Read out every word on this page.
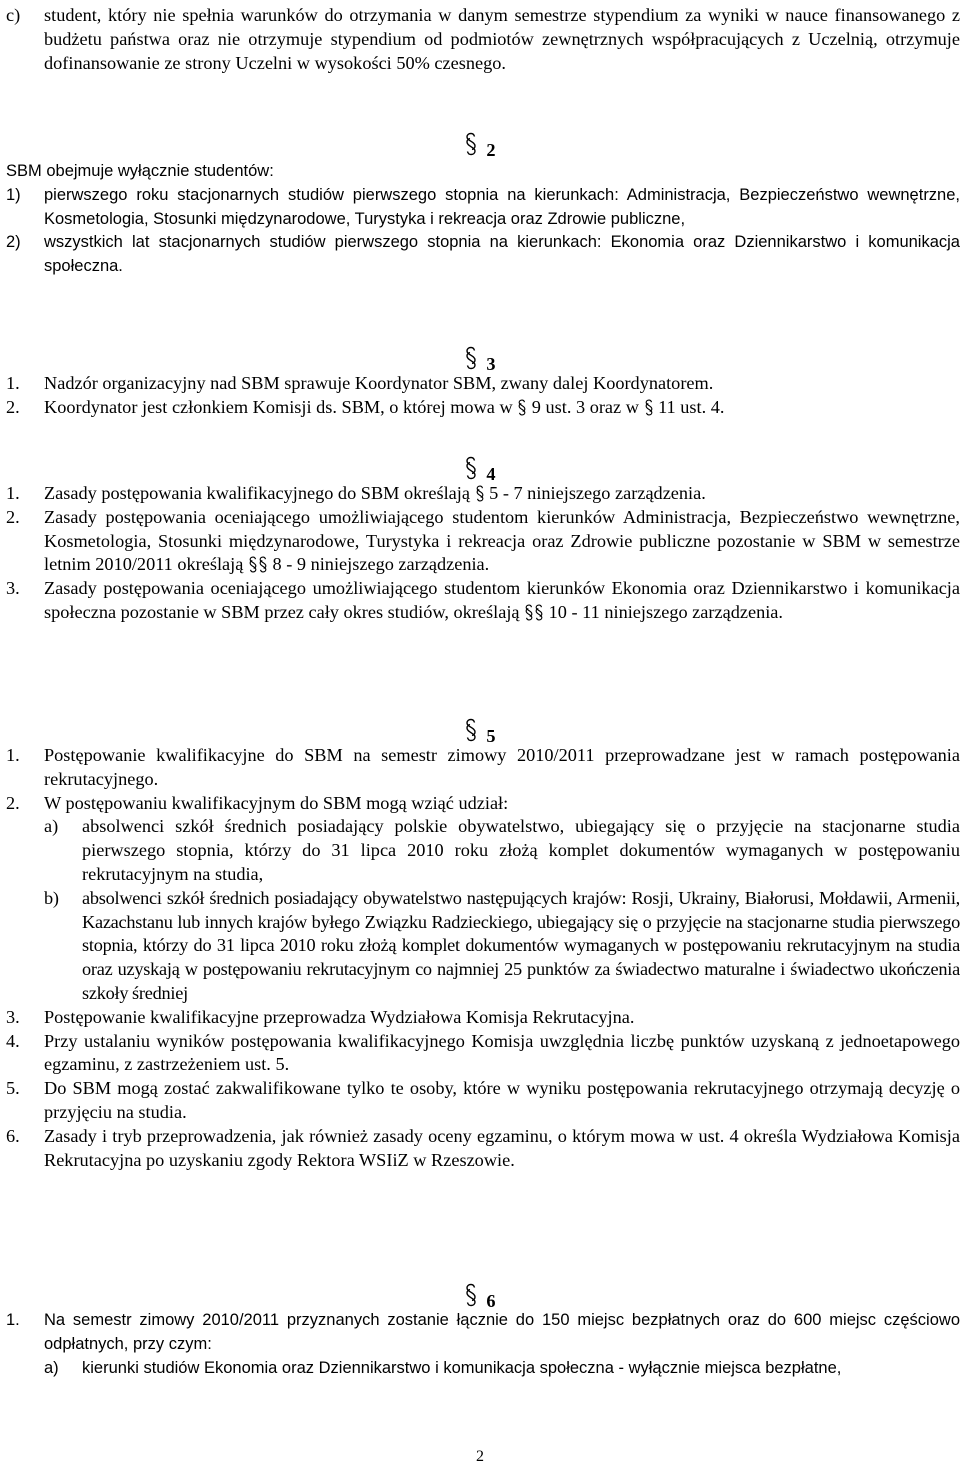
c) student, który nie spełnia warunków do otrzymania w danym semestrze stypendium za wyniki w nauce finansowanego z budżetu państwa oraz nie otrzymuje stypendium od podmiotów zewnętrznych współpracujących z Uczelnią, otrzymuje dofinansowanie ze strony Uczelni w wysokości 50% czesnego.

2

SBM obejmuje wyłącznie studentów:

1) pierwszego roku stacjonarnych studiów pierwszego stopnia na kierunkach: Administracja, Bezpieczeństwo wewnętrzne, Kosmetologia, Stosunki międzynarodowe, Turystyka i rekreacja oraz Zdrowie publiczne,

2) wszystkich lat stacjonarnych studiów pierwszego stopnia na kierunkach: Ekonomia oraz Dziennikarstwo i komunikacja społeczna.

3

1. Nadzór organizacyjny nad SBM sprawuje Koordynator SBM, zwany dalej Koordynatorem.

2. Koordynator jest członkiem Komisji ds. SBM, o której mowa w  9 ust. 3 oraz w  11 ust. 4.

4

1. Zasady postępowania kwalifikacyjnego do SBM określają  5 - 7 niniejszego zarządzenia.

2. Zasady postępowania oceniającego umożliwiającego studentom kierunków Administracja, Bezpieczeństwo wewnętrzne, Kosmetologia, Stosunki międzynarodowe, Turystyka i rekreacja oraz Zdrowie publiczne pozostanie w SBM w semestrze letnim 2010/2011 określają  8 - 9 niniejszego zarządzenia.

3. Zasady postępowania oceniającego umożliwiającego studentom kierunków Ekonomia oraz Dziennikarstwo i komunikacja społeczna pozostanie w SBM przez cały okres studiów, określają  10 - 11 niniejszego zarządzenia.

5

1. Postępowanie kwalifikacyjne do SBM na semestr zimowy 2010/2011 przeprowadzane jest w ramach postępowania rekrutacyjnego.

2. W postępowaniu kwalifikacyjnym do SBM mogą wziąć udział:

a) absolwenci szkół średnich posiadający polskie obywatelstwo, ubiegający się o przyjęcie na stacjonarne studia pierwszego stopnia, którzy do 31 lipca 2010 roku złożą komplet dokumentów wymaganych w postępowaniu rekrutacyjnym na studia,

b) absolwenci szkół średnich posiadający obywatelstwo następujących krajów: Rosji, Ukrainy, Białorusi, Mołdawii, Armenii, Kazachstanu lub innych krajów byłego Związku Radzieckiego, ubiegający się o przyjęcie na stacjonarne studia pierwszego stopnia, którzy do 31 lipca 2010 roku złożą komplet dokumentów wymaganych w postępowaniu rekrutacyjnym na studia oraz uzyskają w postępowaniu rekrutacyjnym co najmniej 25 punktów za świadectwo maturalne i świadectwo ukończenia szkoły średniej

3. Postępowanie kwalifikacyjne przeprowadza Wydziałowa Komisja Rekrutacyjna.

4. Przy ustalaniu wyników postępowania kwalifikacyjnego Komisja uwzględnia liczbę punktów uzyskaną z jednoetapowego egzaminu, z zastrzeżeniem ust. 5.

5. Do SBM mogą zostać zakwalifikowane tylko te osoby, które w wyniku postępowania rekrutacyjnego otrzymają decyzję o przyjęciu na studia.

6. Zasady i tryb przeprowadzenia, jak również zasady oceny egzaminu, o którym mowa w ust. 4 określa Wydziałowa Komisja Rekrutacyjna po uzyskaniu zgody Rektora WSIiZ w Rzeszowie.

6

1. Na semestr zimowy 2010/2011 przyznanych zostanie łącznie do 150 miejsc bezpłatnych oraz do 600 miejsc częściowo odpłatnych, przy czym:

a) kierunki studiów Ekonomia oraz Dziennikarstwo i komunikacja społeczna - wyłącznie miejsca bezpłatne,

2
